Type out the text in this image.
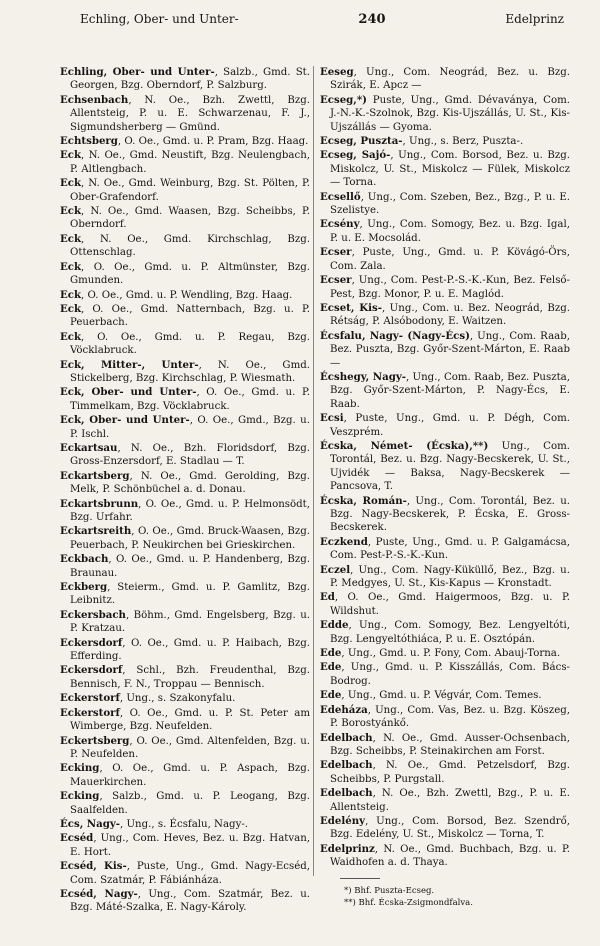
Echling, Ober- und Unter-	240	Edelprinz

Echling, Ober- und Unter-, Salzb., Gmd. St. Georgen, Bzg. Oberndorf, P. Salzburg.

Echsenbach, N. Oe., Bzh. Zwettl, Bzg. Allentsteig, P. u. E. Schwarzenau, F. J., Sigmundsherberg — Gmünd.

Echtsberg, O. Oe., Gmd. u. P. Pram, Bzg. Haag.

Eck, N. Oe., Gmd. Neustift, Bzg. Neulengbach, P. Altlengbach.

Eck, N. Oe., Gmd. Weinburg, Bzg. St. Pölten, P. Ober-Grafendorf.

Eck, N. Oe., Gmd. Waasen, Bzg. Scheibbs, P. Oberndorf.

Eck, N. Oe., Gmd. Kirchschlag, Bzg. Ottenschlag.

Eck, O. Oe., Gmd. u. P. Altmünster, Bzg. Gmunden.

Eck, O. Oe., Gmd. u. P. Wendling, Bzg. Haag.

Eck, O. Oe., Gmd. Natternbach, Bzg. u. P. Peuerbach.

Eck, O. Oe., Gmd. u. P. Regau, Bzg. Vöcklabruck.

Eck, Mitter-, Unter-, N. Oe., Gmd. Stickelberg, Bzg. Kirchschlag, P. Wiesmath.

Eck, Ober- und Unter-, O. Oe., Gmd. u. P. Timmelkam, Bzg. Vöcklabruck.

Eck, Ober- und Unter-, O. Oe., Gmd., Bzg. u. P. Ischl.

Eckartsau, N. Oe., Bzh. Floridsdorf, Bzg. Gross-Enzersdorf, E. Stadlau — T.

Eckartsberg, N. Oe., Gmd. Gerolding, Bzg. Melk, P. Schönbüchel a. d. Donau.

Eckartsbrunn, O. Oe., Gmd. u. P. Helmonsödt, Bzg. Urfahr.

Eckartsreith, O. Oe., Gmd. Bruck-Waasen, Bzg. Peuerbach, P. Neukirchen bei Grieskirchen.

Eckbach, O. Oe., Gmd. u. P. Handenberg, Bzg. Braunau.

Eckberg, Steierm., Gmd. u. P. Gamlitz, Bzg. Leibnitz.

Eckersbach, Böhm., Gmd. Engelsberg, Bzg. u. P. Kratzau.

Eckersdorf, O. Oe., Gmd. u. P. Haibach, Bzg. Efferding.

Eckersdorf, Schl., Bzh. Freudenthal, Bzg. Bennisch, F. N., Troppau — Bennisch.

Eckerstorf, Ung., s. Szakonyfalu.

Eckerstorf, O. Oe., Gmd. u. P. St. Peter am Wimberge, Bzg. Neufelden.

Eckertsberg, O. Oe., Gmd. Altenfelden, Bzg. u. P. Neufelden.

Ecking, O. Oe., Gmd. u. P. Aspach, Bzg. Mauerkirchen.

Ecking, Salzb., Gmd. u. P. Leogang, Bzg. Saalfelden.

Écs, Nagy-, Ung., s. Écsfalu, Nagy-.

Ecséd, Ung., Com. Heves, Bez. u. Bzg. Hatvan, E. Hort.

Ecséd, Kis-, Puste, Ung., Gmd. Nagy-Ecséd, Com. Szatmár, P. Fábiánháza.

Ecséd, Nagy-, Ung., Com. Szatmár, Bez. u. Bzg. Máté-Szalka, E. Nagy-Károly.

Eeseg, Ung., Com. Neográd, Bez. u. Bzg. Szirák, E. Apcz —

Ecseg,*) Puste, Ung., Gmd. Dévaványa, Com. J.-N.-K.-Szolnok, Bzg. Kis-Ujszállás, U. St., Kis-Ujszállás — Gyoma.

Ecseg, Puszta-, Ung., s. Berz, Puszta-.

Ecseg, Sajó-, Ung., Com. Borsod, Bez. u. Bzg. Miskolcz, U. St., Miskolcz — Fülek, Miskolcz — Torna.

Ecsellő, Ung., Com. Szeben, Bez., Bzg., P. u. E. Szelistye.

Ecsény, Ung., Com. Somogy, Bez. u. Bzg. Igal, P. u. E. Mocsolád.

Ecser, Puste, Ung., Gmd. u. P. Kövágó-Örs, Com. Zala.

Ecser, Ung., Com. Pest-P.-S.-K.-Kun, Bez. Felső-Pest, Bzg. Monor, P. u. E. Maglód.

Ecset, Kis-, Ung., Com. u. Bez. Neográd, Bzg. Rétság, P. Alsóbodony, E. Waitzen.

Écsfalu, Nagy- (Nagy-Écs), Ung., Com. Raab, Bez. Puszta, Bzg. Győr-Szent-Márton, E. Raab —

Écshegy, Nagy-, Ung., Com. Raab, Bez. Puszta, Bzg. Győr-Szent-Márton, P. Nagy-Écs, E. Raab.

Ecsi, Puste, Ung., Gmd. u. P. Dégh, Com. Veszprém.

Écska, Német- (Écska),**) Ung., Com. Torontál, Bez. u. Bzg. Nagy-Becskerek, U. St., Ujvidék — Baksa, Nagy-Becskerek — Pancsova, T.

Écska, Román-, Ung., Com. Torontál, Bez. u. Bzg. Nagy-Becskerek, P. Écska, E. Gross-Becskerek.

Eczkend, Puste, Ung., Gmd. u. P. Galgamácsa, Com. Pest-P.-S.-K.-Kun.

Eczel, Ung., Com. Nagy-Küküllő, Bez., Bzg. u. P. Medgyes, U. St., Kis-Kapus — Kronstadt.

Ed, O. Oe., Gmd. Haigermoos, Bzg. u. P. Wildshut.

Edde, Ung., Com. Somogy, Bez. Lengyeltóti, Bzg. Lengyeltóthiáca, P. u. E. Osztópán.

Ede, Ung., Gmd. u. P. Fony, Com. Abauj-Torna.

Ede, Ung., Gmd. u. P. Kisszállás, Com. Bács-Bodrog.

Ede, Ung., Gmd. u. P. Végvár, Com. Temes.

Edeháza, Ung., Com. Vas, Bez. u. Bzg. Köszeg, P. Borostyánkő.

Edelbach, N. Oe., Gmd. Ausser-Ochsenbach, Bzg. Scheibbs, P. Steinakirchen am Forst.

Edelbach, N. Oe., Gmd. Petzelsdorf, Bzg. Scheibbs, P. Purgstall.

Edelbach, N. Oe., Bzh. Zwettl, Bzg., P. u. E. Allentsteig.

Edelény, Ung., Com. Borsod, Bez. Szendrő, Bzg. Edelény, U. St., Miskolcz — Torna, T.

Edelprinz, N. Oe., Gmd. Buchbach, Bzg. u. P. Waidhofen a. d. Thaya.

*) Bhf. Puszta-Ecseg.
**) Bhf. Écska-Zsigmondfalva.
